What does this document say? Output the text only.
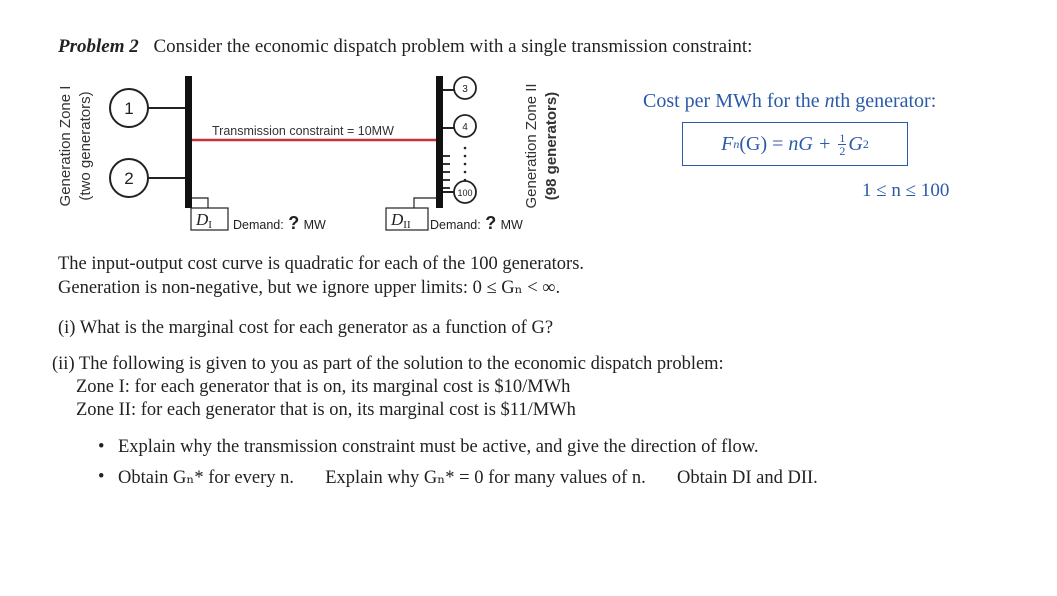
Problem 2 Consider the economic dispatch problem with a single transmission constraint:
Generation Zone I (two generators) 1
2
Transmission constraint = 10MW
3
4
100
DI Demand: ? MW	DII Demand: ? MW
Generation Zone II (98 generators)	Cost per MWh for the nth generator:
F n (G) = n $G + \frac{1}{2}$ G 2
1 ≤ n ≤ 100
The input-output cost curve is quadratic for each of the 100 generators.
Generation is non-negative, but we ignore upper limits: 0 ≤ Gₙ < ∞.
(i) What is the marginal cost for each generator as a function of G?
(ii) The following is given to you as part of the solution to the economic dispatch problem:
Zone I: for each generator that is on, its marginal cost is $10/MWh
Zone II: for each generator that is on, its marginal cost is $11/MWh
• Explain why the transmission constraint must be active, and give the direction of flow.
• Obtain Gₙ* for every n. Explain why Gₙ* = 0 for many values of n. Obtain DI and DII.
